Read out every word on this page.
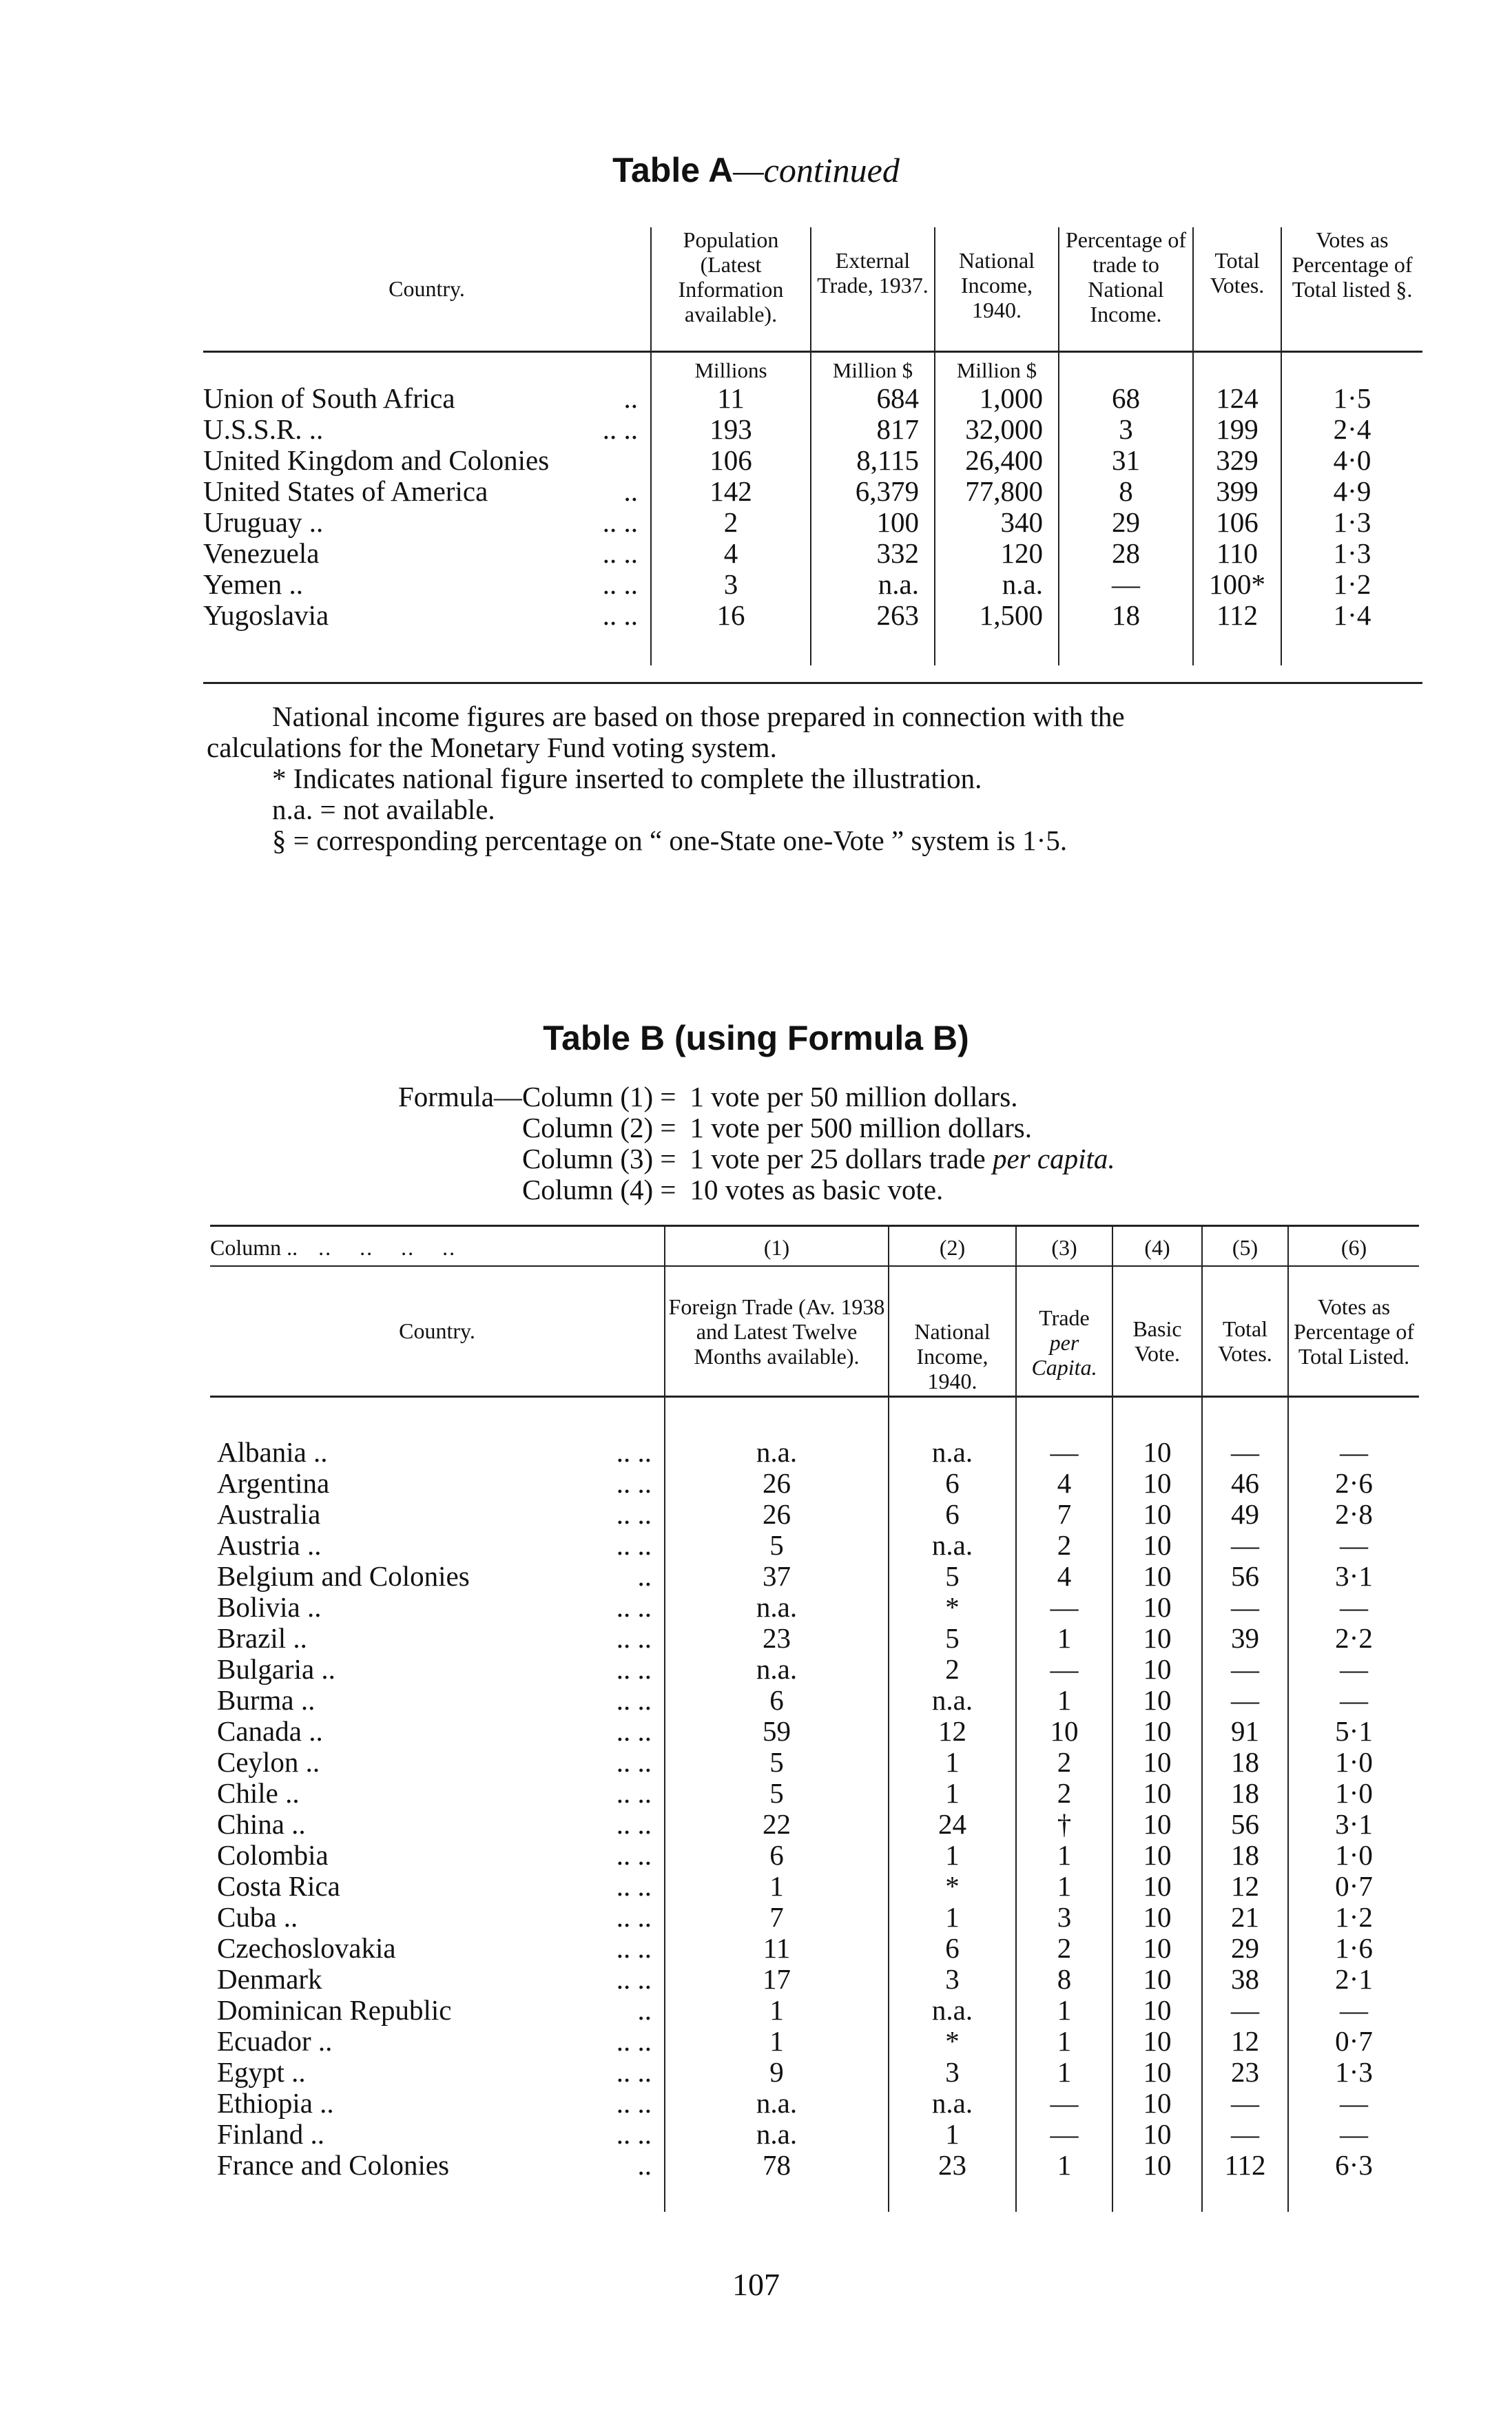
Table A—continued
Country.	Population (Latest Information available).	External Trade, 1937.	National Income, 1940.	Percentage of trade to National Income.	Total Votes.	Votes as Percentage of Total listed §.
	Millions	Million $	Million $			
Union of South Africa ..	11	684	1,000	68	124	1·5
U.S.S.R. .. .. ..	193	817	32,000	3	199	2·4
United Kingdom and Colonies	106	8,115	26,400	31	329	4·0
United States of America ..	142	6,379	77,800	8	399	4·9
Uruguay .. .. ..	2	100	340	29	106	1·3
Venezuela .. ..	4	332	120	28	110	1·3
Yemen .. .. ..	3	n.a.	n.a.	—	100*	1·2
Yugoslavia .. ..	16	263	1,500	18	112	1·4

National income figures are based on those prepared in connection with the
calculations for the Monetary Fund voting system.
* Indicates national figure inserted to complete the illustration.
n.a. = not available.
§ = corresponding percentage on “ one-State one-Vote ” system is 1·5.
Table B (using Formula B)
Formula—Column (1) =	1 vote per 50 million dollars.
Column (2) =	1 vote per 500 million dollars.
Column (3) =	1 vote per 25 dollars trade per capita.
Column (4) =	10 votes as basic vote.
Column ..   ..    ..    ..    ..	(1)	(2)	(3)	(4)	(5)	(6)
Country.	Foreign Trade (Av. 1938 and Latest Twelve Months available).	National Income, 1940.	Trade
per Capita.	Basic Vote.	Total Votes.	Votes as Percentage of Total Listed.

Albania .. .. ..	n.a.	n.a.	—	10	—	—
Argentina .. ..	26	6	4	10	46	2·6
Australia .. ..	26	6	7	10	49	2·8
Austria .. .. ..	5	n.a.	2	10	—	—
Belgium and Colonies ..	37	5	4	10	56	3·1
Bolivia .. .. ..	n.a.	*	—	10	—	—
Brazil .. .. ..	23	5	1	10	39	2·2
Bulgaria .. .. ..	n.a.	2	—	10	—	—
Burma .. .. ..	6	n.a.	1	10	—	—
Canada .. .. ..	59	12	10	10	91	5·1
Ceylon .. .. ..	5	1	2	10	18	1·0
Chile .. .. ..	5	1	2	10	18	1·0
China .. .. ..	22	24	†	10	56	3·1
Colombia .. ..	6	1	1	10	18	1·0
Costa Rica .. ..	1	*	1	10	12	0·7
Cuba .. .. ..	7	1	3	10	21	1·2
Czechoslovakia .. ..	11	6	2	10	29	1·6
Denmark .. ..	17	3	8	10	38	2·1
Dominican Republic ..	1	n.a.	1	10	—	—
Ecuador .. .. ..	1	*	1	10	12	0·7
Egypt .. .. ..	9	3	1	10	23	1·3
Ethiopia .. .. ..	n.a.	n.a.	—	10	—	—
Finland .. .. ..	n.a.	1	—	10	—	—
France and Colonies ..	78	23	1	10	112	6·3

107
